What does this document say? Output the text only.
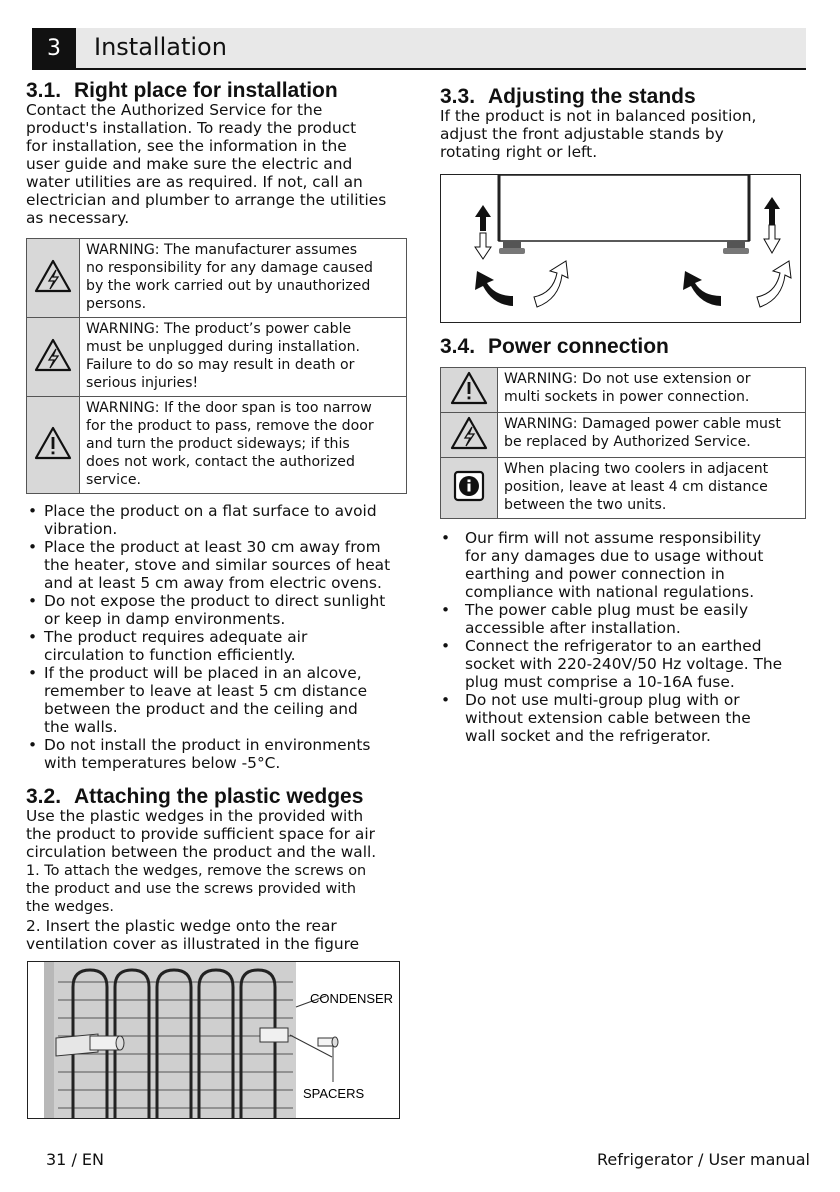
3	Installation
3.1. Right place for installation
Contact the Authorized Service for the
product's installation. To ready the product
for installation, see the information in the
user guide and make sure the electric and
water utilities are as required. If not, call an
electrician and plumber to arrange the utilities
as necessary.

WARNING: The manufacturer assumes
no responsibility for any damage caused
by the work carried out by unauthorized
persons.

WARNING: The product’s power cable
must be unplugged during installation.
Failure to do so may result in death or
serious injuries!

WARNING: If the door span is too narrow
for the product to pass, remove the door
and turn the product sideways; if this
does not work, contact the authorized
service.
• Place the product on a flat surface to avoid
vibration.
• Place the product at least 30 cm away from
the heater, stove and similar sources of heat
and at least 5 cm away from electric ovens.
• Do not expose the product to direct sunlight
or keep in damp environments.
• The product requires adequate air
circulation to function efficiently.
• If the product will be placed in an alcove,
remember to leave at least 5 cm distance
between the product and the ceiling and
the walls.
• Do not install the product in environments
with temperatures below -5°C.
3.2. Attaching the plastic wedges
Use the plastic wedges in the provided with
the product to provide sufficient space for air
circulation between the product and the wall.
1. To attach the wedges, remove the screws on
the product and use the screws provided with
the wedges.
2. Insert the plastic wedge onto the rear
ventilation cover as illustrated in the figure
CONDENSER
SPACERS
3.3. Adjusting the stands
If the product is not in balanced position,
adjust the front adjustable stands by
rotating right or left.
3.4. Power connection

WARNING: Do not use extension or
multi sockets in power connection.

WARNING: Damaged power cable must
be replaced by Authorized Service.

When placing two coolers in adjacent
position, leave at least 4 cm distance
between the two units.
• Our firm will not assume responsibility
for any damages due to usage without
earthing and power connection in
compliance with national regulations.
• The power cable plug must be easily
accessible after installation.
• Connect the refrigerator to an earthed
socket with 220-240V/50 Hz voltage. The
plug must comprise a 10-16A fuse.
• Do not use multi-group plug with or
without extension cable between the
wall socket and the refrigerator.
31 / EN	Refrigerator / User manual
